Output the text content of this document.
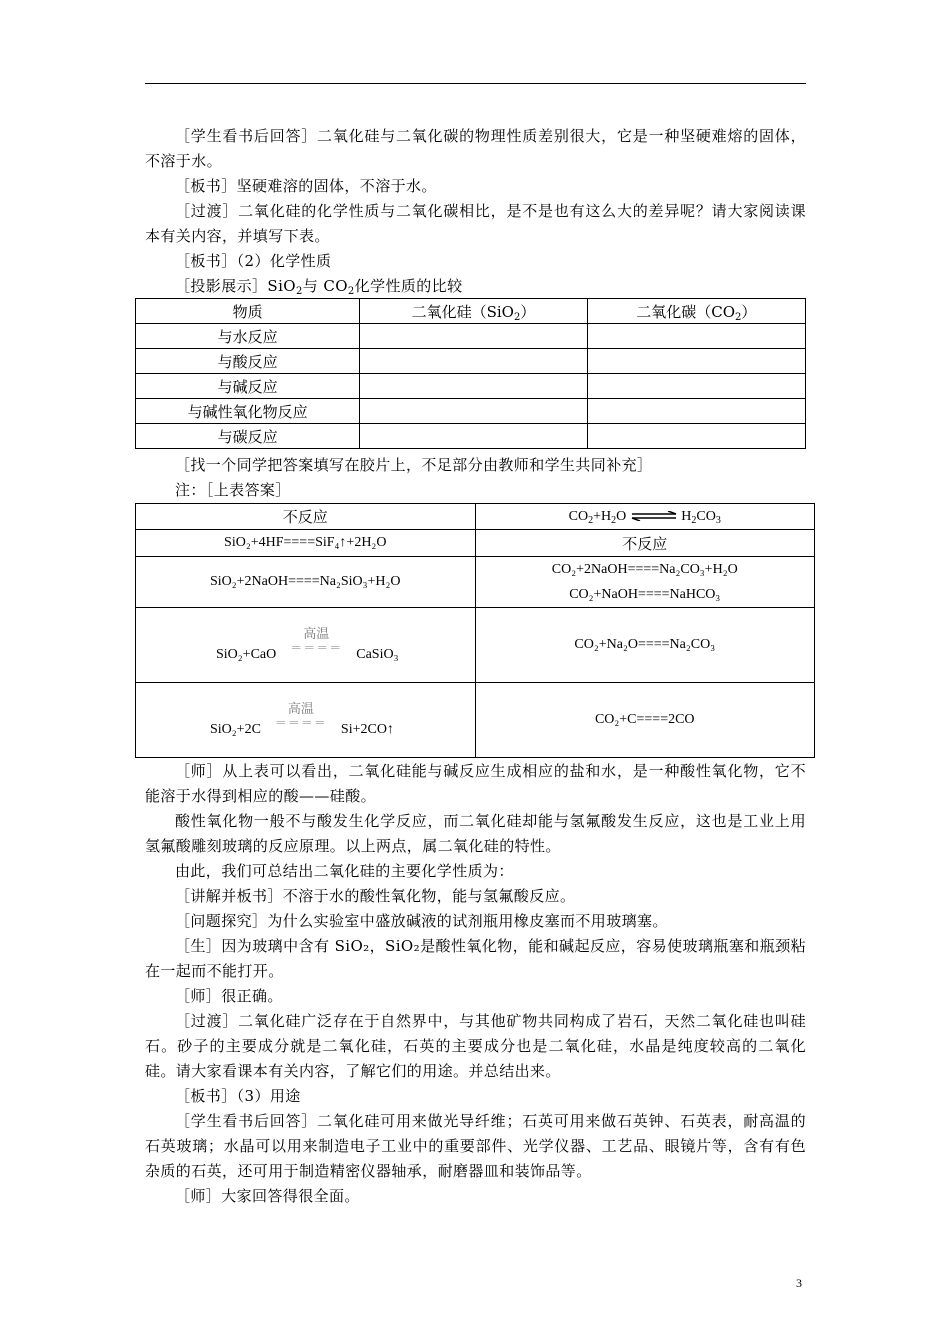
［学生看书后回答］二氧化硅与二氧化碳的物理性质差别很大，它是一种坚硬难熔的固体，不溶于水。

［板书］坚硬难溶的固体，不溶于水。

［过渡］二氧化硅的化学性质与二氧化碳相比，是不是也有这么大的差异呢？请大家阅读课本有关内容，并填写下表。

［板书］（2）化学性质

［投影展示］SiO$_2$与 $CO_2$化学性质的比较

物质	二氧化硅（SiO$_2$）	二氧化碳$(CO_2)$
与水反应		
与酸反应		
与碱反应		
与碱性氧化物反应		
与碳反应		

［找一个同学把答案填写在胶片上，不足部分由教师和学生共同补充］

注：［上表答案］

不反应	$CO_2+H_2O$ ⇌ $H_2CO_3$
SiO₂+4HF====SiF₄↑+2H₂O	不反应
SiO₂+2NaOH====Na₂SiO₃+H₂O	CO₂+2NaOH====Na₂CO₃+H₂O
CO₂+NaOH====NaHCO₃

SiO₂+CaO
高温
＝＝＝＝ CaSiO₃	CO₂+Na₂O====Na₂CO₃
SiO₂+2C
高温
＝＝＝＝ Si+2CO↑	CO₂+C====2CO

［师］从上表可以看出，二氧化硅能与碱反应生成相应的盐和水，是一种酸性氧化物，它不能溶于水得到相应的酸——硅酸。

酸性氧化物一般不与酸发生化学反应，而二氧化硅却能与氢氟酸发生反应，这也是工业上用氢氟酸雕刻玻璃的反应原理。以上两点，属二氧化硅的特性。

由此，我们可总结出二氧化硅的主要化学性质为：

［讲解并板书］不溶于水的酸性氧化物，能与氢氟酸反应。

［问题探究］为什么实验室中盛放碱液的试剂瓶用橡皮塞而不用玻璃塞。

［生］因为玻璃中含有 SiO₂，SiO₂是酸性氧化物，能和碱起反应，容易使玻璃瓶塞和瓶颈粘在一起而不能打开。

［师］很正确。

［过渡］二氧化硅广泛存在于自然界中，与其他矿物共同构成了岩石，天然二氧化硅也叫硅石。砂子的主要成分就是二氧化硅，石英的主要成分也是二氧化硅，水晶是纯度较高的二氧化硅。请大家看课本有关内容，了解它们的用途。并总结出来。

［板书］（3）用途

［学生看书后回答］二氧化硅可用来做光导纤维；石英可用来做石英钟、石英表，耐高温的石英玻璃；水晶可以用来制造电子工业中的重要部件、光学仪器、工艺品、眼镜片等，含有有色杂质的石英，还可用于制造精密仪器轴承，耐磨器皿和装饰品等。

［师］大家回答得很全面。

3
